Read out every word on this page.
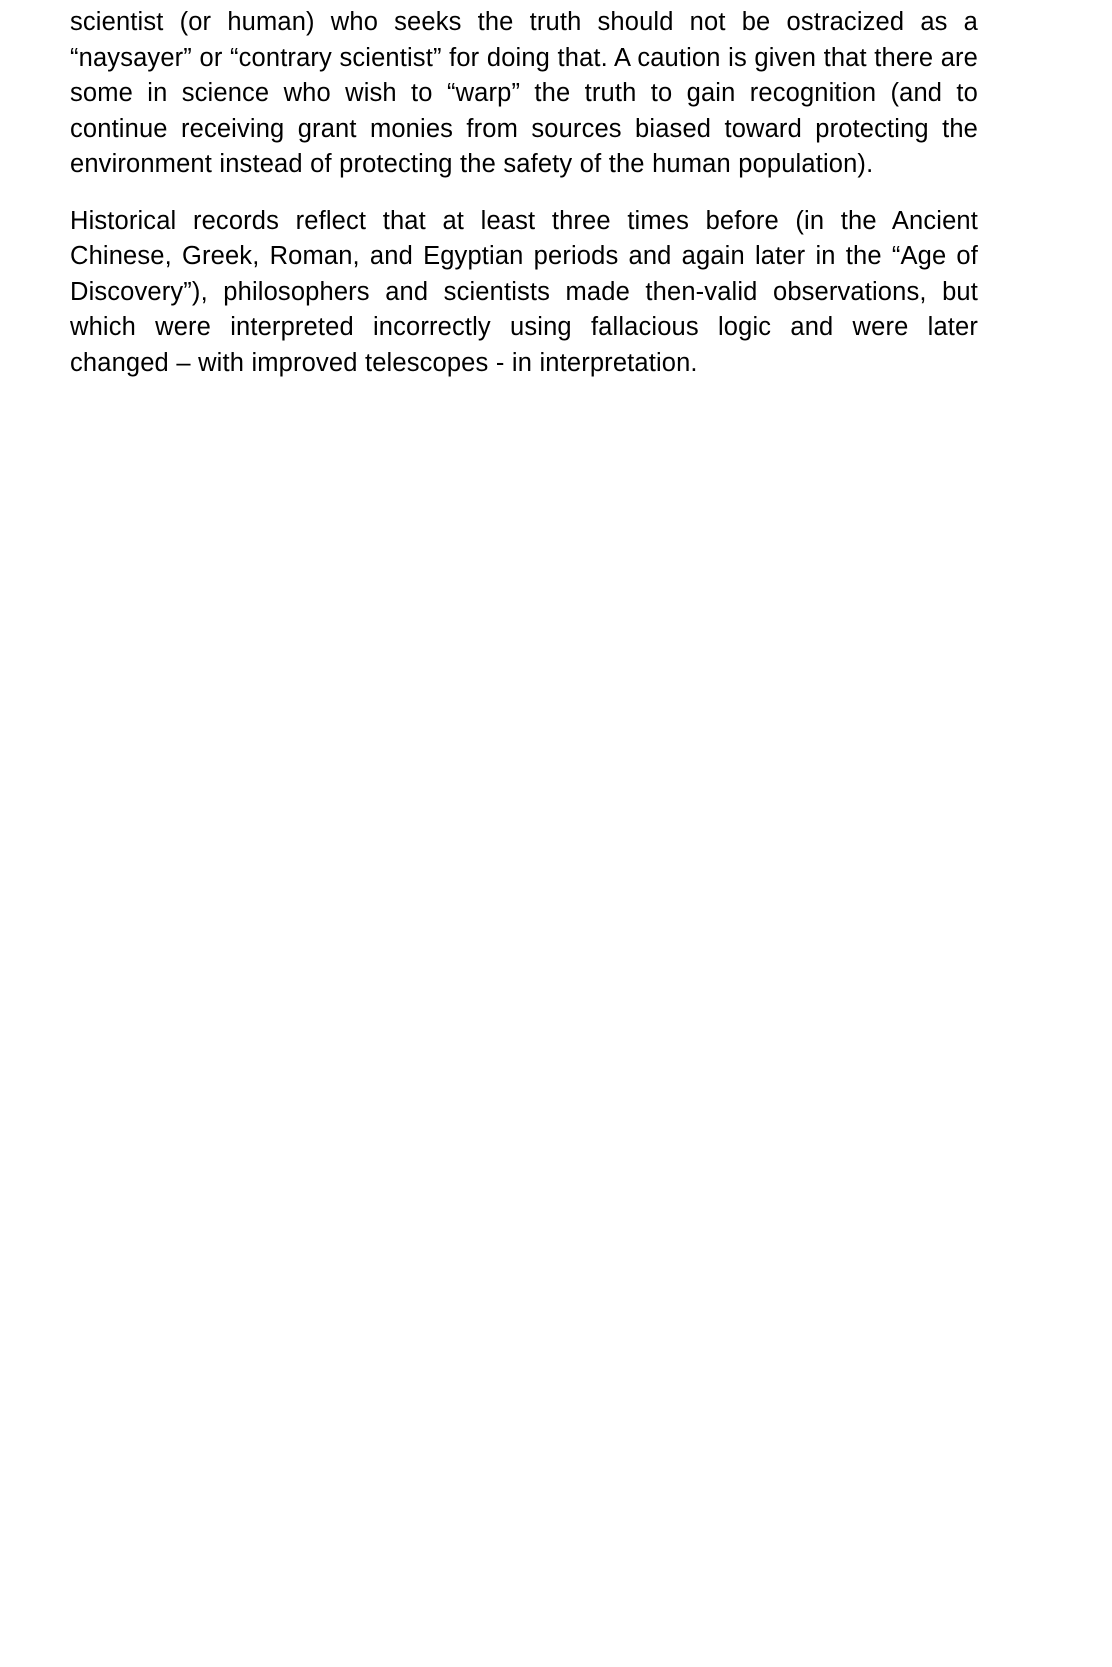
scientist (or human) who seeks the truth should not be ostracized as a “naysayer” or “contrary scientist” for doing that. A caution is given that there are some in science who wish to “warp” the truth to gain recognition (and to continue receiving grant monies from sources biased toward protecting the environment instead of protecting the safety of the human population).

Historical records reflect that at least three times before (in the Ancient Chinese, Greek, Roman, and Egyptian periods and again later in the “Age of Discovery”), philosophers and scientists made then-valid observations, but which were interpreted incorrectly using fallacious logic and were later changed – with improved telescopes - in interpretation.
